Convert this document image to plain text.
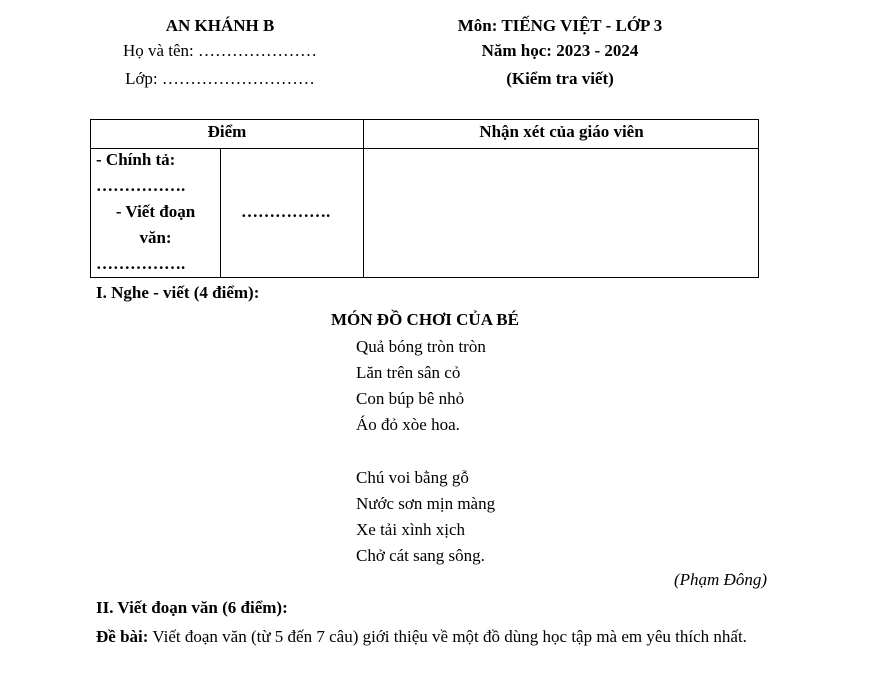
AN KHÁNH B
Họ và tên: …………………
Lớp: ………………………
Môn: TIẾNG VIỆT - LỚP 3
Năm học: 2023 - 2024
(Kiểm tra viết)
Điểm	Nhận xét của giáo viên
- Chính tả:
…………….
- Viết đoạn
văn:
…………….
…………….
I. Nghe - viết (4 điểm):
MÓN ĐỒ CHƠI CỦA BÉ
Quả bóng tròn tròn
Lăn trên sân cỏ
Con búp bê nhỏ
Áo đỏ xòe hoa.
Chú voi bằng gỗ
Nước sơn mịn màng
Xe tải xình xịch
Chở cát sang sông.
(Phạm Đông)
II. Viết đoạn văn (6 điểm):
Đề bài: Viết đoạn văn (từ 5 đến 7 câu) giới thiệu về một đồ dùng học tập mà em yêu thích nhất.
